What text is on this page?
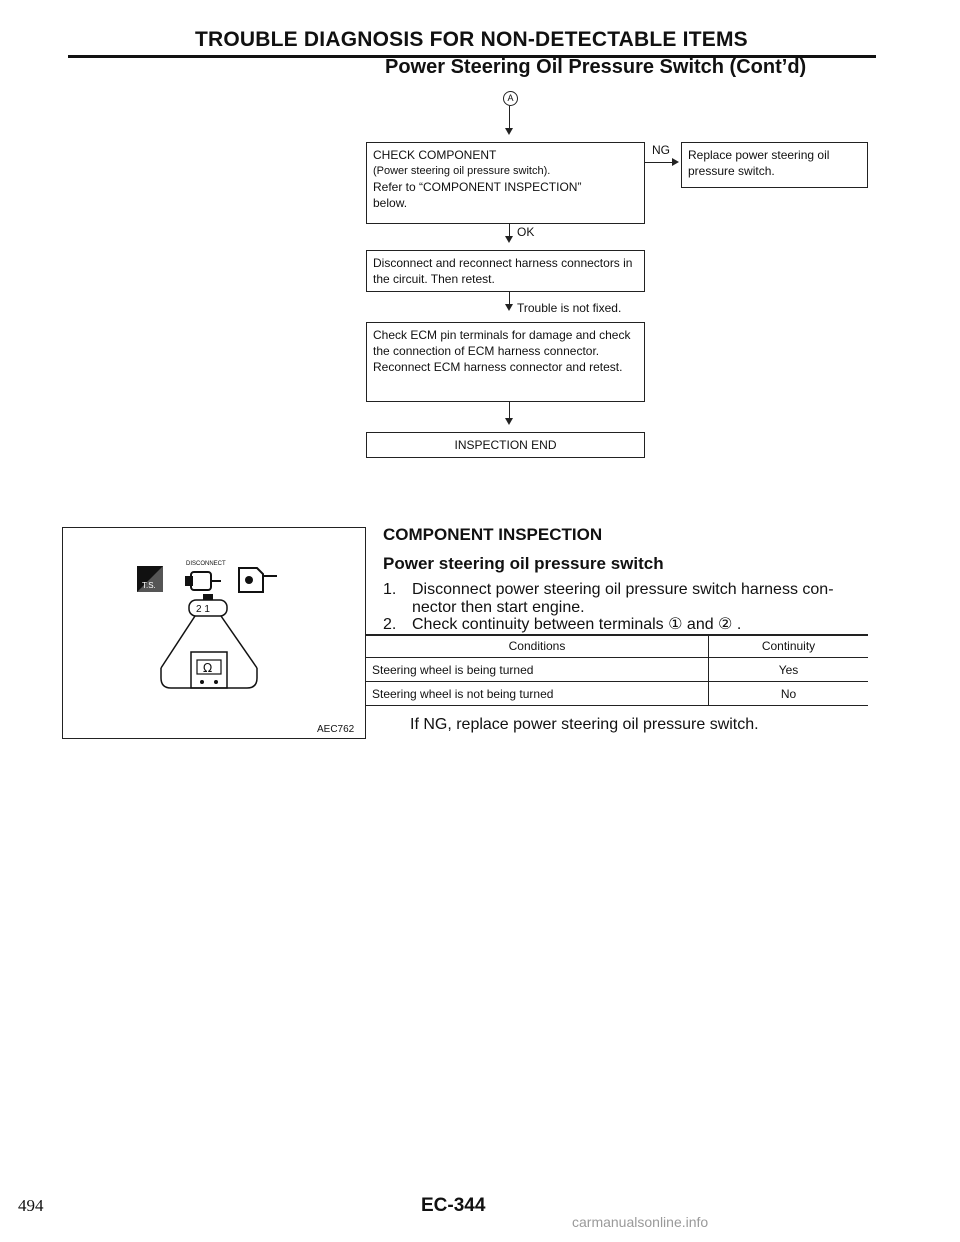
TROUBLE DIAGNOSIS FOR NON-DETECTABLE ITEMS
Power Steering Oil Pressure Switch (Cont’d)
A
CHECK COMPONENT
(Power steering oil pressure switch).
Refer to “COMPONENT INSPECTION”
below.
NG	Replace power steering oil pressure switch.
OK
Disconnect and reconnect harness connectors in the circuit. Then retest.
Trouble is not fixed.
Check ECM pin terminals for damage and check the connection of ECM harness connector. Reconnect ECM harness connector and retest.
INSPECTION END
T.S.
DISCONNECT
2 1
Ω
AEC762
COMPONENT INSPECTION
Power steering oil pressure switch
1. Disconnect power steering oil pressure switch harness con-
nector then start engine.
2. Check continuity between terminals ① and ② .
Conditions	Continuity
Steering wheel is being turned	Yes
Steering wheel is not being turned	No
If NG, replace power steering oil pressure switch.
494	EC-344
carmanualsonline.info
